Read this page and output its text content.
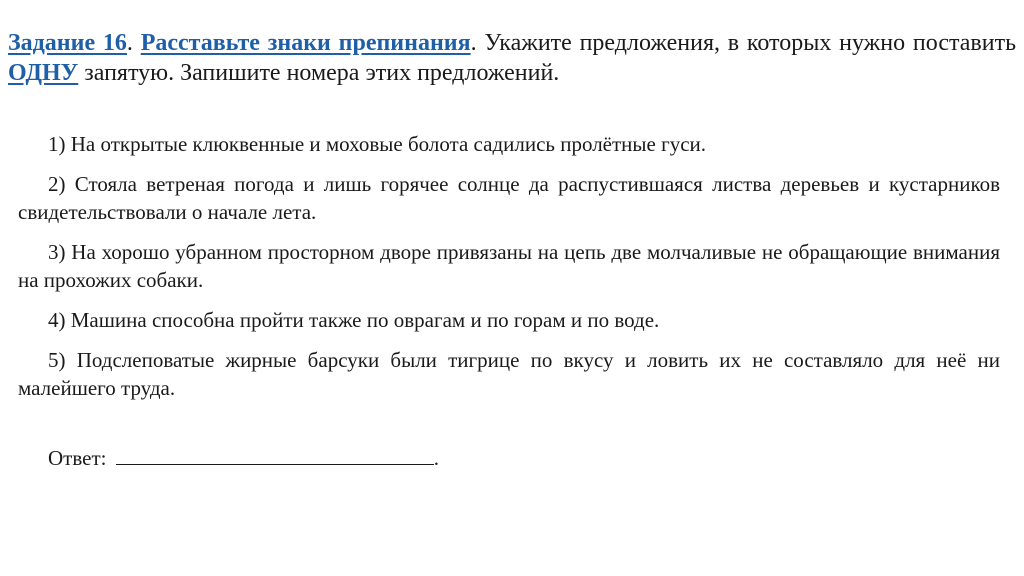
Задание 16. Расставьте знаки препинания. Укажите предложения, в которых нужно поставить ОДНУ запятую. Запишите номера этих предложений.

1) На открытые клюквенные и моховые болота садились пролётные гуси.

2) Стояла ветреная погода и лишь горячее солнце да распустившаяся листва деревьев и кустарников свидетельствовали о начале лета.

3) На хорошо убранном просторном дворе привязаны на цепь две молчаливые не обращающие внимания на прохожих собаки.

4) Машина способна пройти также по оврагам и по горам и по воде.

5) Подслеповатые жирные барсуки были тигрице по вкусу и ловить их не составляло для неё ни малейшего труда.

Ответ:	.
